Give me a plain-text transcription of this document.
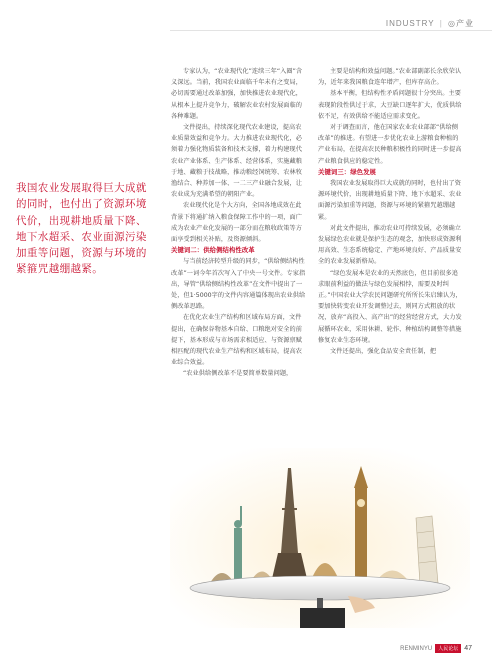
INDUSTRY | ◎产业
我国农业发展取得巨大成就的同时，也付出了资源环境代价，出现耕地质量下降、地下水超采、农业面源污染加重等问题，资源与环境的紧箍咒越绷越紧。

专家认为，“农业现代化”连续三年“入圈”含义深远。当前，我国农业面临千年未有之变局，必切需要通过改革加强，加快推进农业现代化，从根本上提升竞争力，破解农业农村发展面临的各种难题。

文件提出，持续深化现代农业建设，提高农业质量效益和竞争力。大力推进农业现代化，必须着力强化物质装备和技术支撑，着力构建现代农业产业体系、生产体系、经营体系，实施藏粮于地、藏粮于技战略，推动粮经饲统筹、农林牧渔结合、种养加一体、一二三产业融合发展，让农业成为充满希望的朝阳产业。

农业现代化是个大方向，全国各地成效在此背景下将通扩纳入粮食保障工作中的一项，面广成为农业产业化发展的一部分而在粮收政策等方面享受到相关补贴，及资源倾斜。

关键词二：供给侧结构性改革

与当前经济转型升级的同步，“供给侧结构性改革”一词今年首次写入了中央一号文件。专家指出，导管“供给侧结构性改革”在文件中提出了一处，但1·5000字的文件内容通篇体现出农业供给侧改革思路。

在优化农业生产结构和区域布局方面，文件提出，在确保谷物基本自给、口粮绝对安全的前提下，基本形成与市场需求相适应、与资源禀赋相匹配的现代农业生产结构和区域布局，提高农业综合效益。

“农业供给侧改革不是要简单数量问题，

主要是结构和效益问题。”农业部副部长余欣荣认为，近年来我国粮食连年增产，但库存高企。

基本平衡，但结构性矛盾问题很十分突出。主要表现阶段性供过于求，大豆缺口逐年扩大，优质供给依不足，有效供给不能适应需求变化。

对于调查而言，他在国家农业农业部部“供给侧改革”的推进。有望进一步优化农业上游粮食种植的产业布局，在提高农民种粮积极性的同时进一步提高产业粮食供应的稳定性。

关键词三：绿色发展

我国农业发展取得巨大成就的同时，也付出了资源环境代价，出现耕地质量下降、地下水超采、农业面源污染加重等问题，资源与环境的紧箍咒越绷越紧。

对此文件提出，推动农业可持续发展，必须确立发展绿色农业就是保护生态的观念，加快形成资源利用高效、生态系统稳定、产地环境良好、产品质量安全的农业发展新格局。

“绿色发展本是农业的天然底色，但目前很多追求眼前利益的做法与绿色发展相悖，需要及时纠正。”中国农业大学农民问题研究所所长朱启臻认为，要加快转变农业开发调整过去，则同方式粗放的状况，放弃“高投入、高产出”的经营经营方式，大力发展循环农业，采用休耕、轮作、种植结构调整等措施修复农业生态环境。

文件还提出，强化食品安全责任制，把

RENMINYU	人民论坛 47
